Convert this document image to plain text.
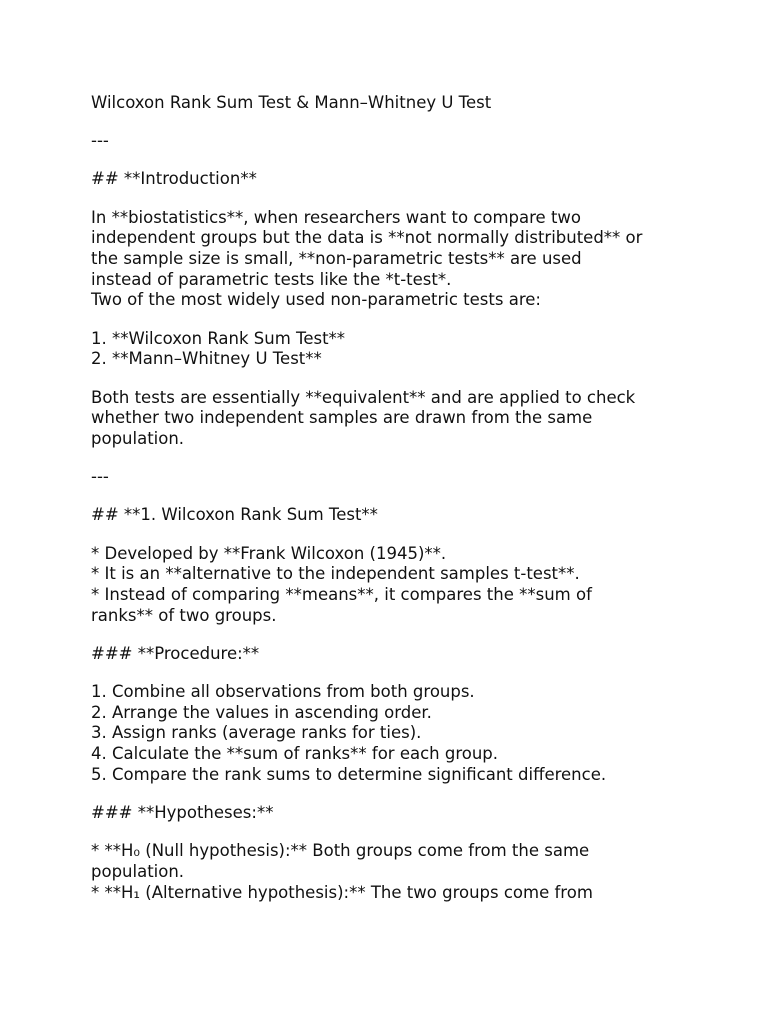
Wilcoxon Rank Sum Test & Mann–Whitney U Test
---
## **Introduction**
In **biostatistics**, when researchers want to compare two
independent groups but the data is **not normally distributed** or
the sample size is small, **non-parametric tests** are used
instead of parametric tests like the *t-test*.
Two of the most widely used non-parametric tests are:
1. **Wilcoxon Rank Sum Test**
2. **Mann–Whitney U Test**
Both tests are essentially **equivalent** and are applied to check
whether two independent samples are drawn from the same
population.
---
## **1. Wilcoxon Rank Sum Test**
* Developed by **Frank Wilcoxon (1945)**.
* It is an **alternative to the independent samples t-test**.
* Instead of comparing **means**, it compares the **sum of
ranks** of two groups.
### **Procedure:**
1. Combine all observations from both groups.
2. Arrange the values in ascending order.
3. Assign ranks (average ranks for ties).
4. Calculate the **sum of ranks** for each group.
5. Compare the rank sums to determine significant difference.
### **Hypotheses:**
* **H₀ (Null hypothesis):** Both groups come from the same
population.
* **H₁ (Alternative hypothesis):** The two groups come from
